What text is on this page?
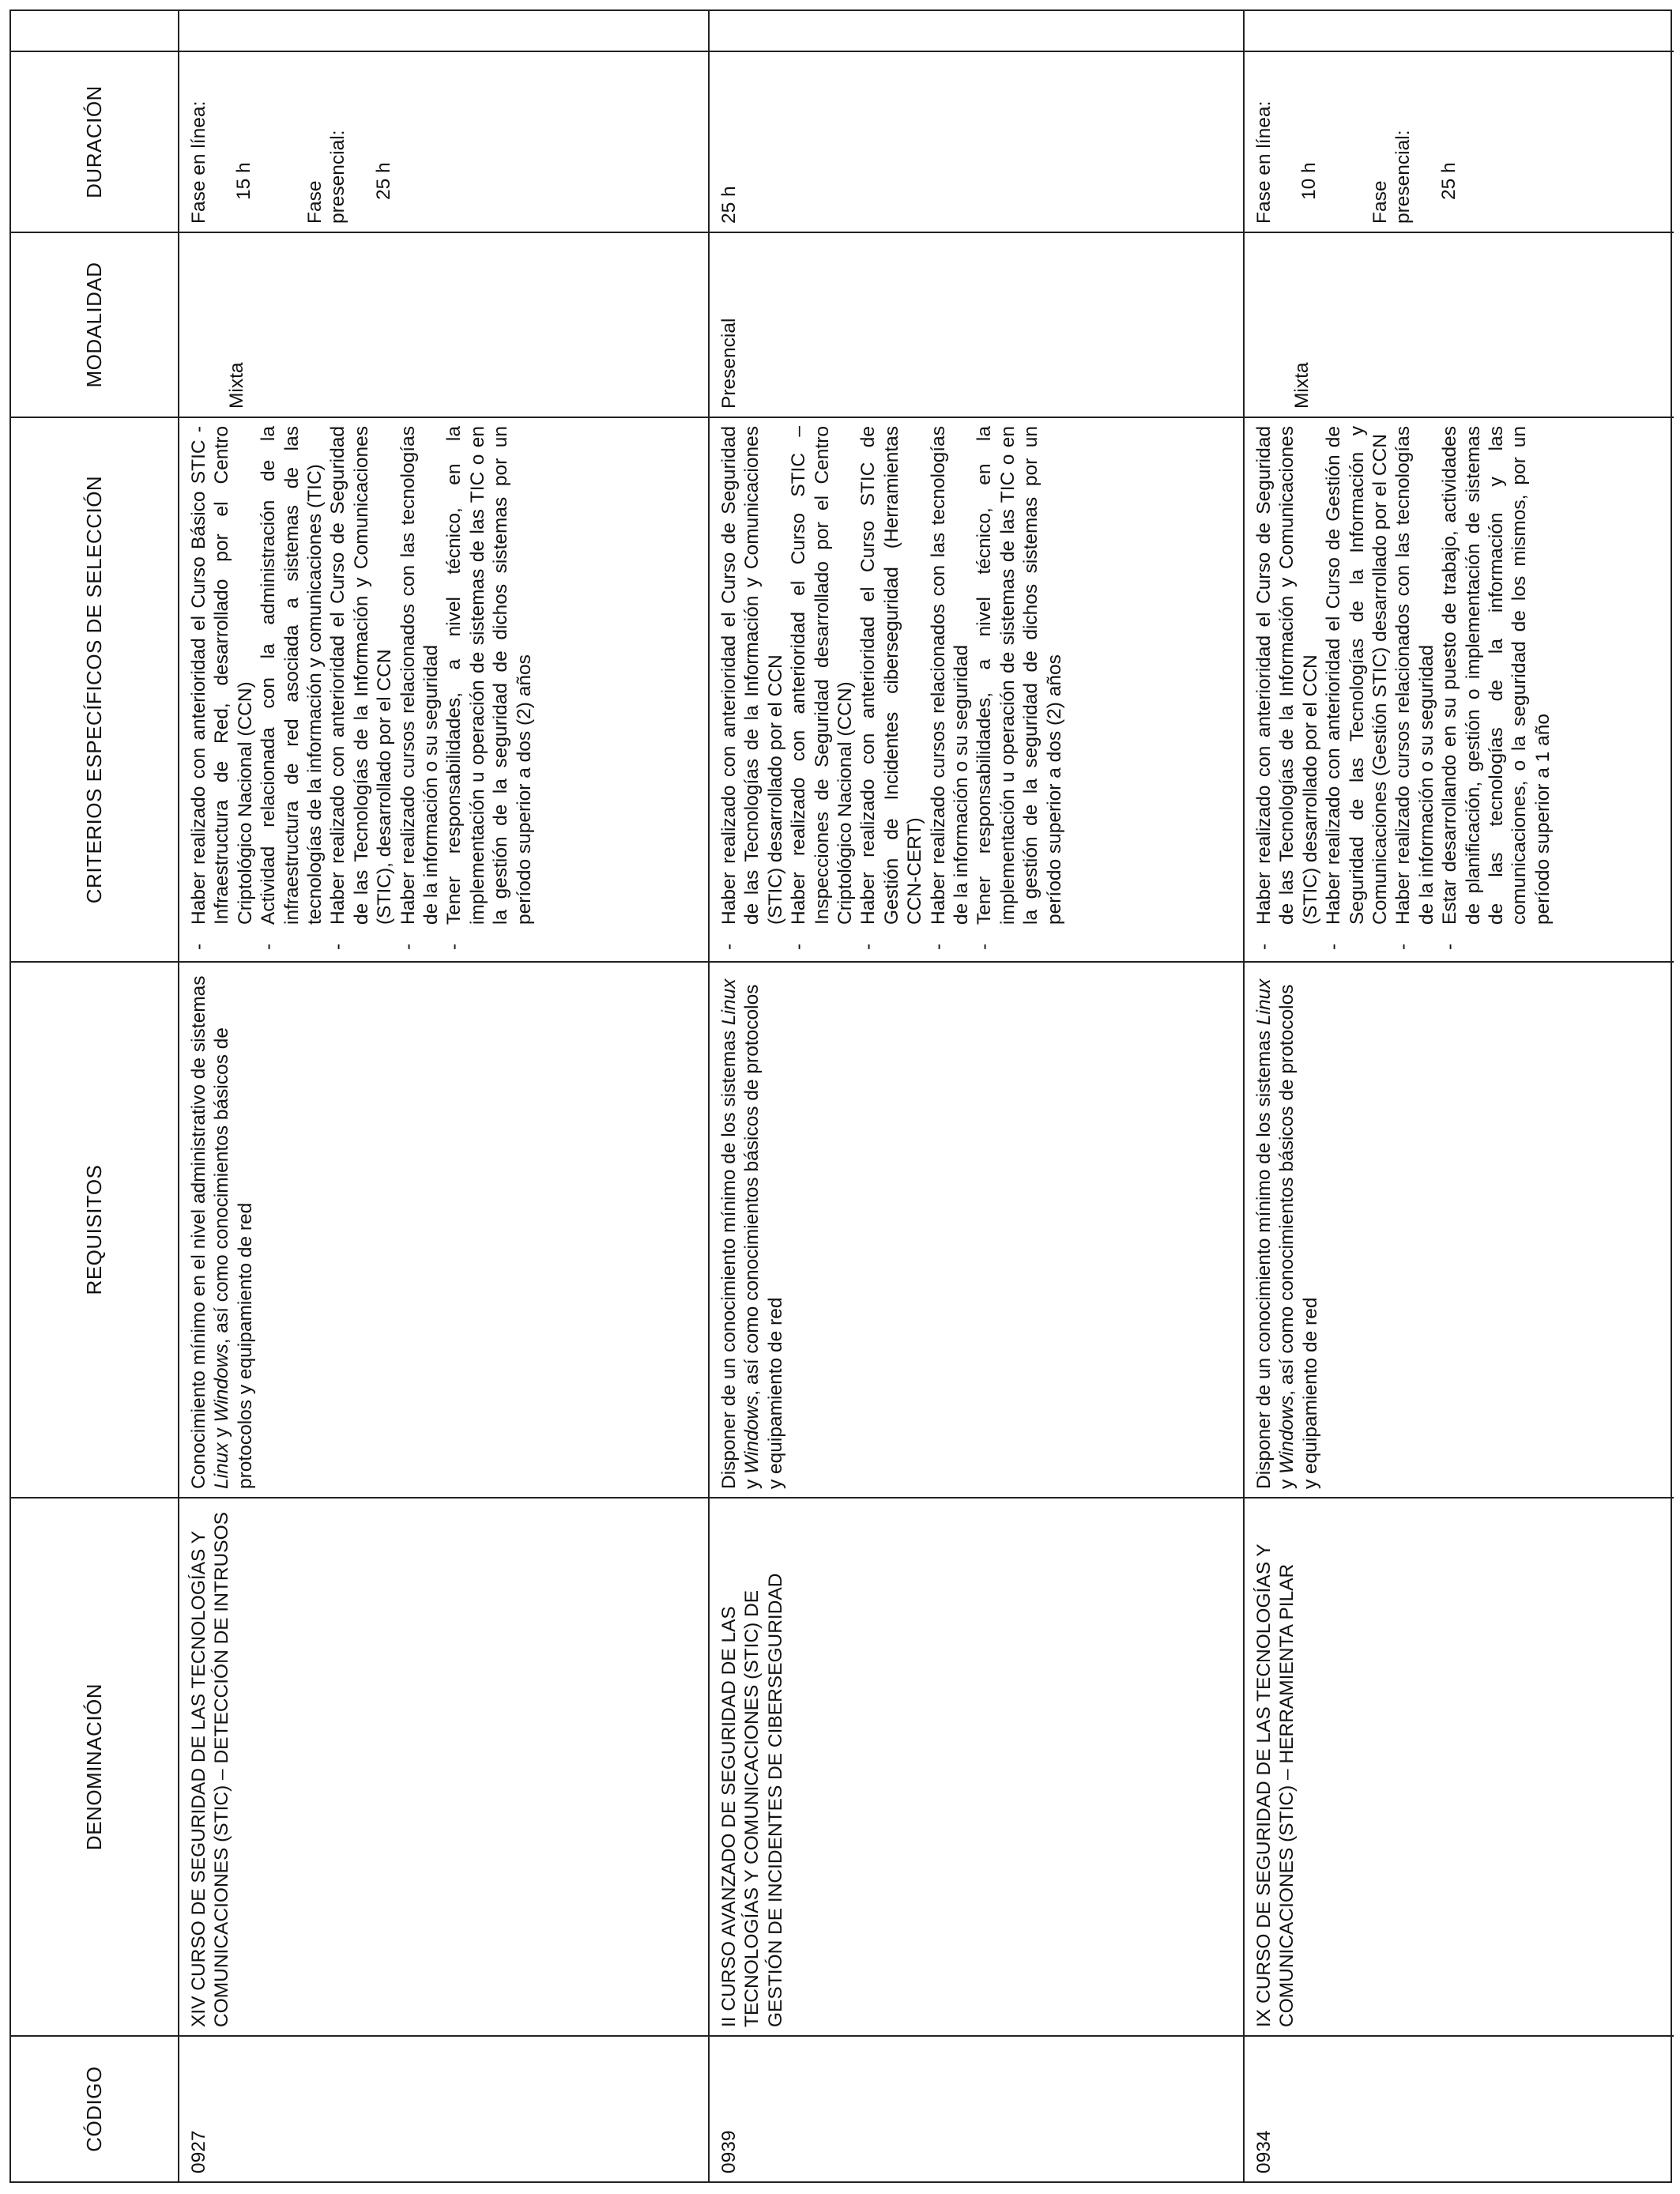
CÓDIGO
DENOMINACIÓN
REQUISITOS
CRITERIOS ESPECÍFICOS DE SELECCIÓN
MODALIDAD
DURACIÓN
0927
XIV CURSO DE SEGURIDAD DE LAS TECNOLOGÍAS Y COMUNICACIONES (STIC) – DETECCIÓN DE INTRUSOS
Conocimiento mínimo en el nivel administrativo de sistemas Linux y Windows, así como conocimientos básicos de protocolos y equipamiento de red
- Haber realizado con anterioridad el Curso Básico STIC - Infraestructura de Red, desarrollado por el Centro Criptológico Nacional (CCN) - Actividad relacionada con la administración de la infraestructura de red asociada a sistemas de las tecnologías de la información y comunicaciones (TIC) - Haber realizado con anterioridad el Curso de Seguridad de las Tecnologías de la Información y Comunicaciones (STIC), desarrollado por el CCN - Haber realizado cursos relacionados con las tecnologías de la información o su seguridad - Tener responsabilidades, a nivel técnico, en la implementación u operación de sistemas de las TIC o en la gestión de la seguridad de dichos sistemas por un período superior a dos (2) años
Mixta
Fase en línea: 15 h	Fase presencial: 25 h
0939
II CURSO AVANZADO DE SEGURIDAD DE LAS TECNOLOGÍAS Y COMUNICACIONES (STIC) DE GESTIÓN DE INCIDENTES DE CIBERSEGURIDAD
Disponer de un conocimiento mínimo de los sistemas Linux y Windows, así como conocimientos básicos de protocolos y equipamiento de red
- Haber realizado con anterioridad el Curso de Seguridad de las Tecnologías de la Información y Comunicaciones (STIC) desarrollado por el CCN - Haber realizado con anterioridad el Curso STIC –Inspecciones de Seguridad desarrollado por el Centro Criptológico Nacional (CCN) - Haber realizado con anterioridad el Curso STIC de Gestión de Incidentes ciberseguridad (Herramientas CCN-CERT) - Haber realizado cursos relacionados con las tecnologías de la información o su seguridad - Tener responsabilidades, a nivel técnico, en la implementación u operación de sistemas de las TIC o en la gestión de la seguridad de dichos sistemas por un período superior a dos (2) años
Presencial
25 h
0934
IX CURSO DE SEGURIDAD DE LAS TECNOLOGÍAS Y COMUNICACIONES (STIC) – HERRAMIENTA PILAR
Disponer de un conocimiento mínimo de los sistemas Linux y Windows, así como conocimientos básicos de protocolos y equipamiento de red
- Haber realizado con anterioridad el Curso de Seguridad de las Tecnologías de la Información y Comunicaciones (STIC) desarrollado por el CCN - Haber realizado con anterioridad el Curso de Gestión de Seguridad de las Tecnologías de la Información y Comunicaciones (Gestión STIC) desarrollado por el CCN - Haber realizado cursos relacionados con las tecnologías de la información o su seguridad - Estar desarrollando en su puesto de trabajo, actividades de planificación, gestión o implementación de sistemas de las tecnologías de la información y las comunicaciones, o la seguridad de los mismos, por un período superior a 1 año
Mixta
Fase en línea: 10 h	Fase presencial: 25 h
